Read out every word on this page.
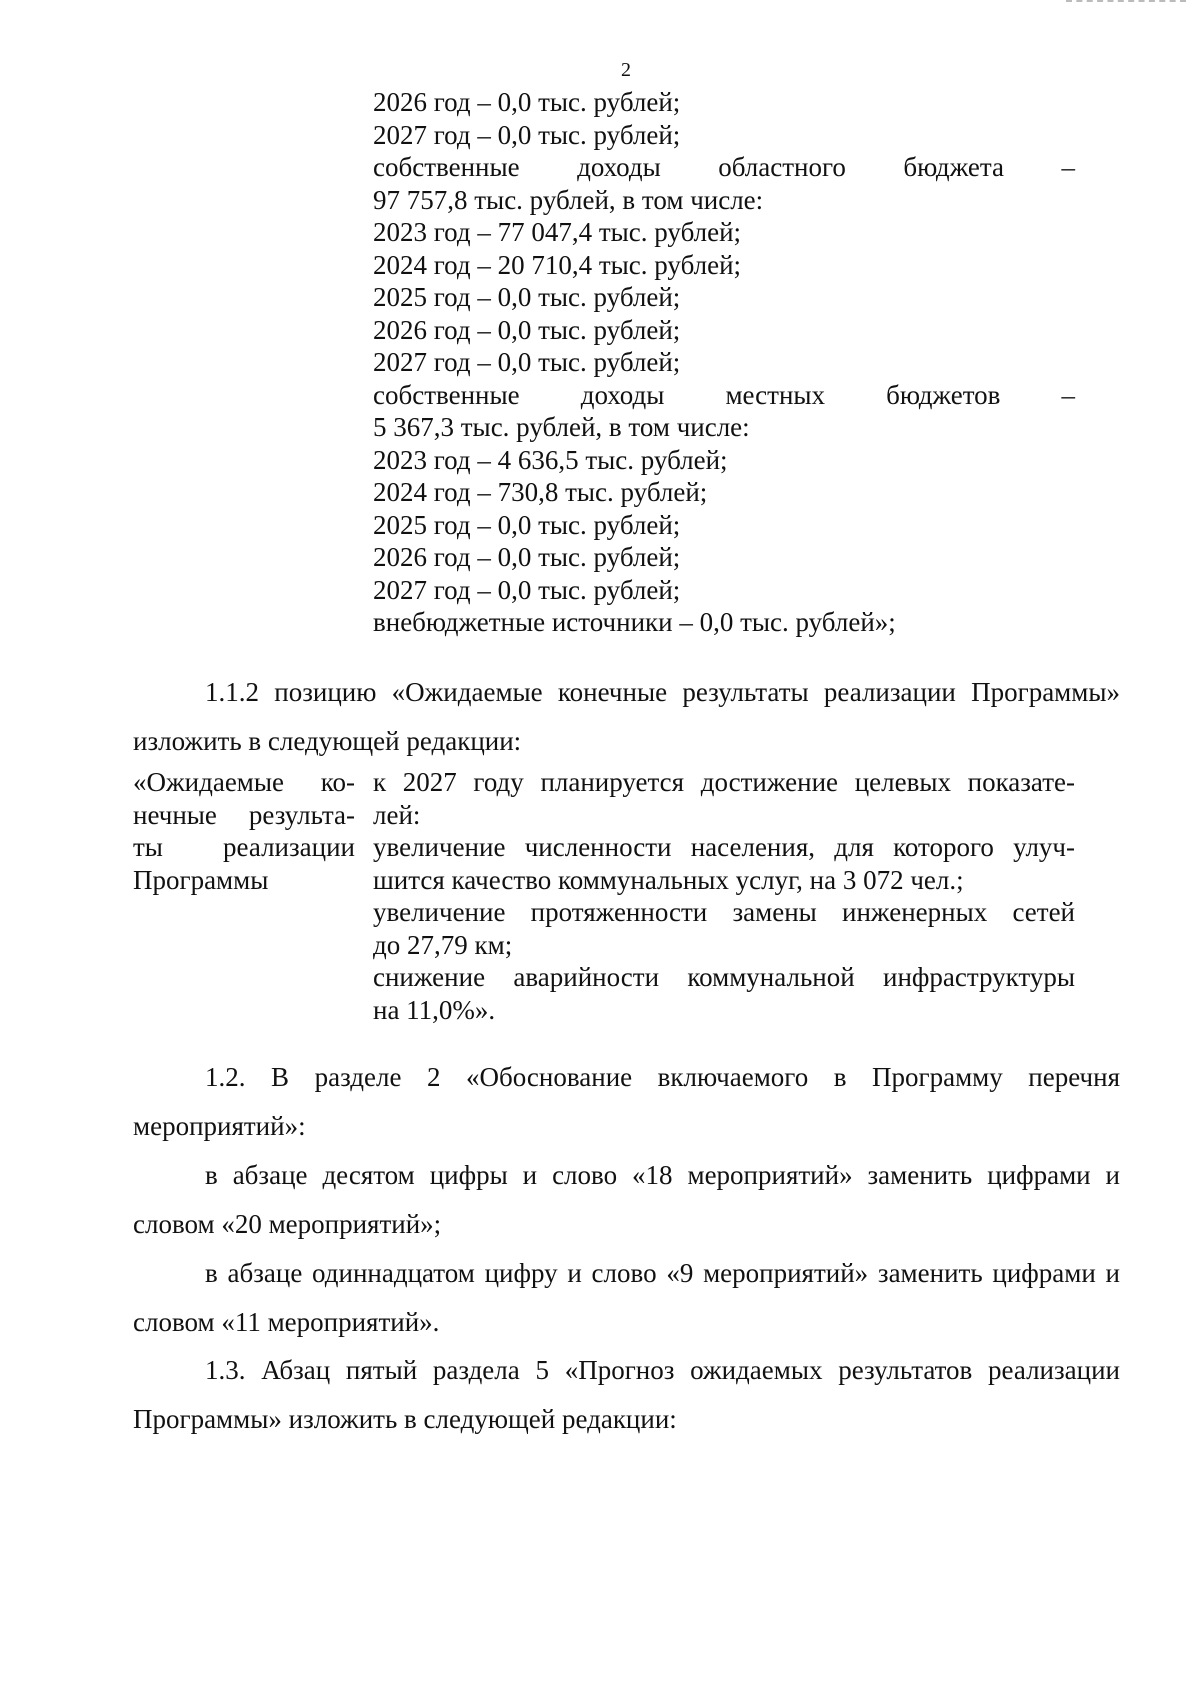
2
2026 год – 0,0 тыс. рублей;
2027 год – 0,0 тыс. рублей;
собственные доходы областного бюджета –
97 757,8 тыс. рублей, в том числе:
2023 год – 77 047,4 тыс. рублей;
2024 год – 20 710,4 тыс. рублей;
2025 год – 0,0 тыс. рублей;
2026 год – 0,0 тыс. рублей;
2027 год – 0,0 тыс. рублей;
собственные доходы местных бюджетов –
5 367,3 тыс. рублей, в том числе:
2023 год – 4 636,5 тыс. рублей;
2024 год – 730,8 тыс. рублей;
2025 год – 0,0 тыс. рублей;
2026 год – 0,0 тыс. рублей;
2027 год – 0,0 тыс. рублей;
внебюджетные источники – 0,0 тыс. рублей»;

1.1.2 позицию «Ожидаемые конечные результаты реализации Программы» изложить в следующей редакции:

«Ожидаемые ко-
нечные результа-
ты реализации
Программы
к 2027 году планируется достижение целевых показате-
лей:
увеличение численности населения, для которого улуч-
шится качество коммунальных услуг, на 3 072 чел.;
увеличение протяженности замены инженерных сетей
до 27,79 км;
снижение аварийности коммунальной инфраструктуры
на 11,0%».

1.2. В разделе 2 «Обоснование включаемого в Программу перечня мероприятий»:

в абзаце десятом цифры и слово «18 мероприятий» заменить цифрами и словом «20 мероприятий»;

в абзаце одиннадцатом цифру и слово «9 мероприятий» заменить цифрами и словом «11 мероприятий».

1.3. Абзац пятый раздела 5 «Прогноз ожидаемых результатов реализации Программы» изложить в следующей редакции:
